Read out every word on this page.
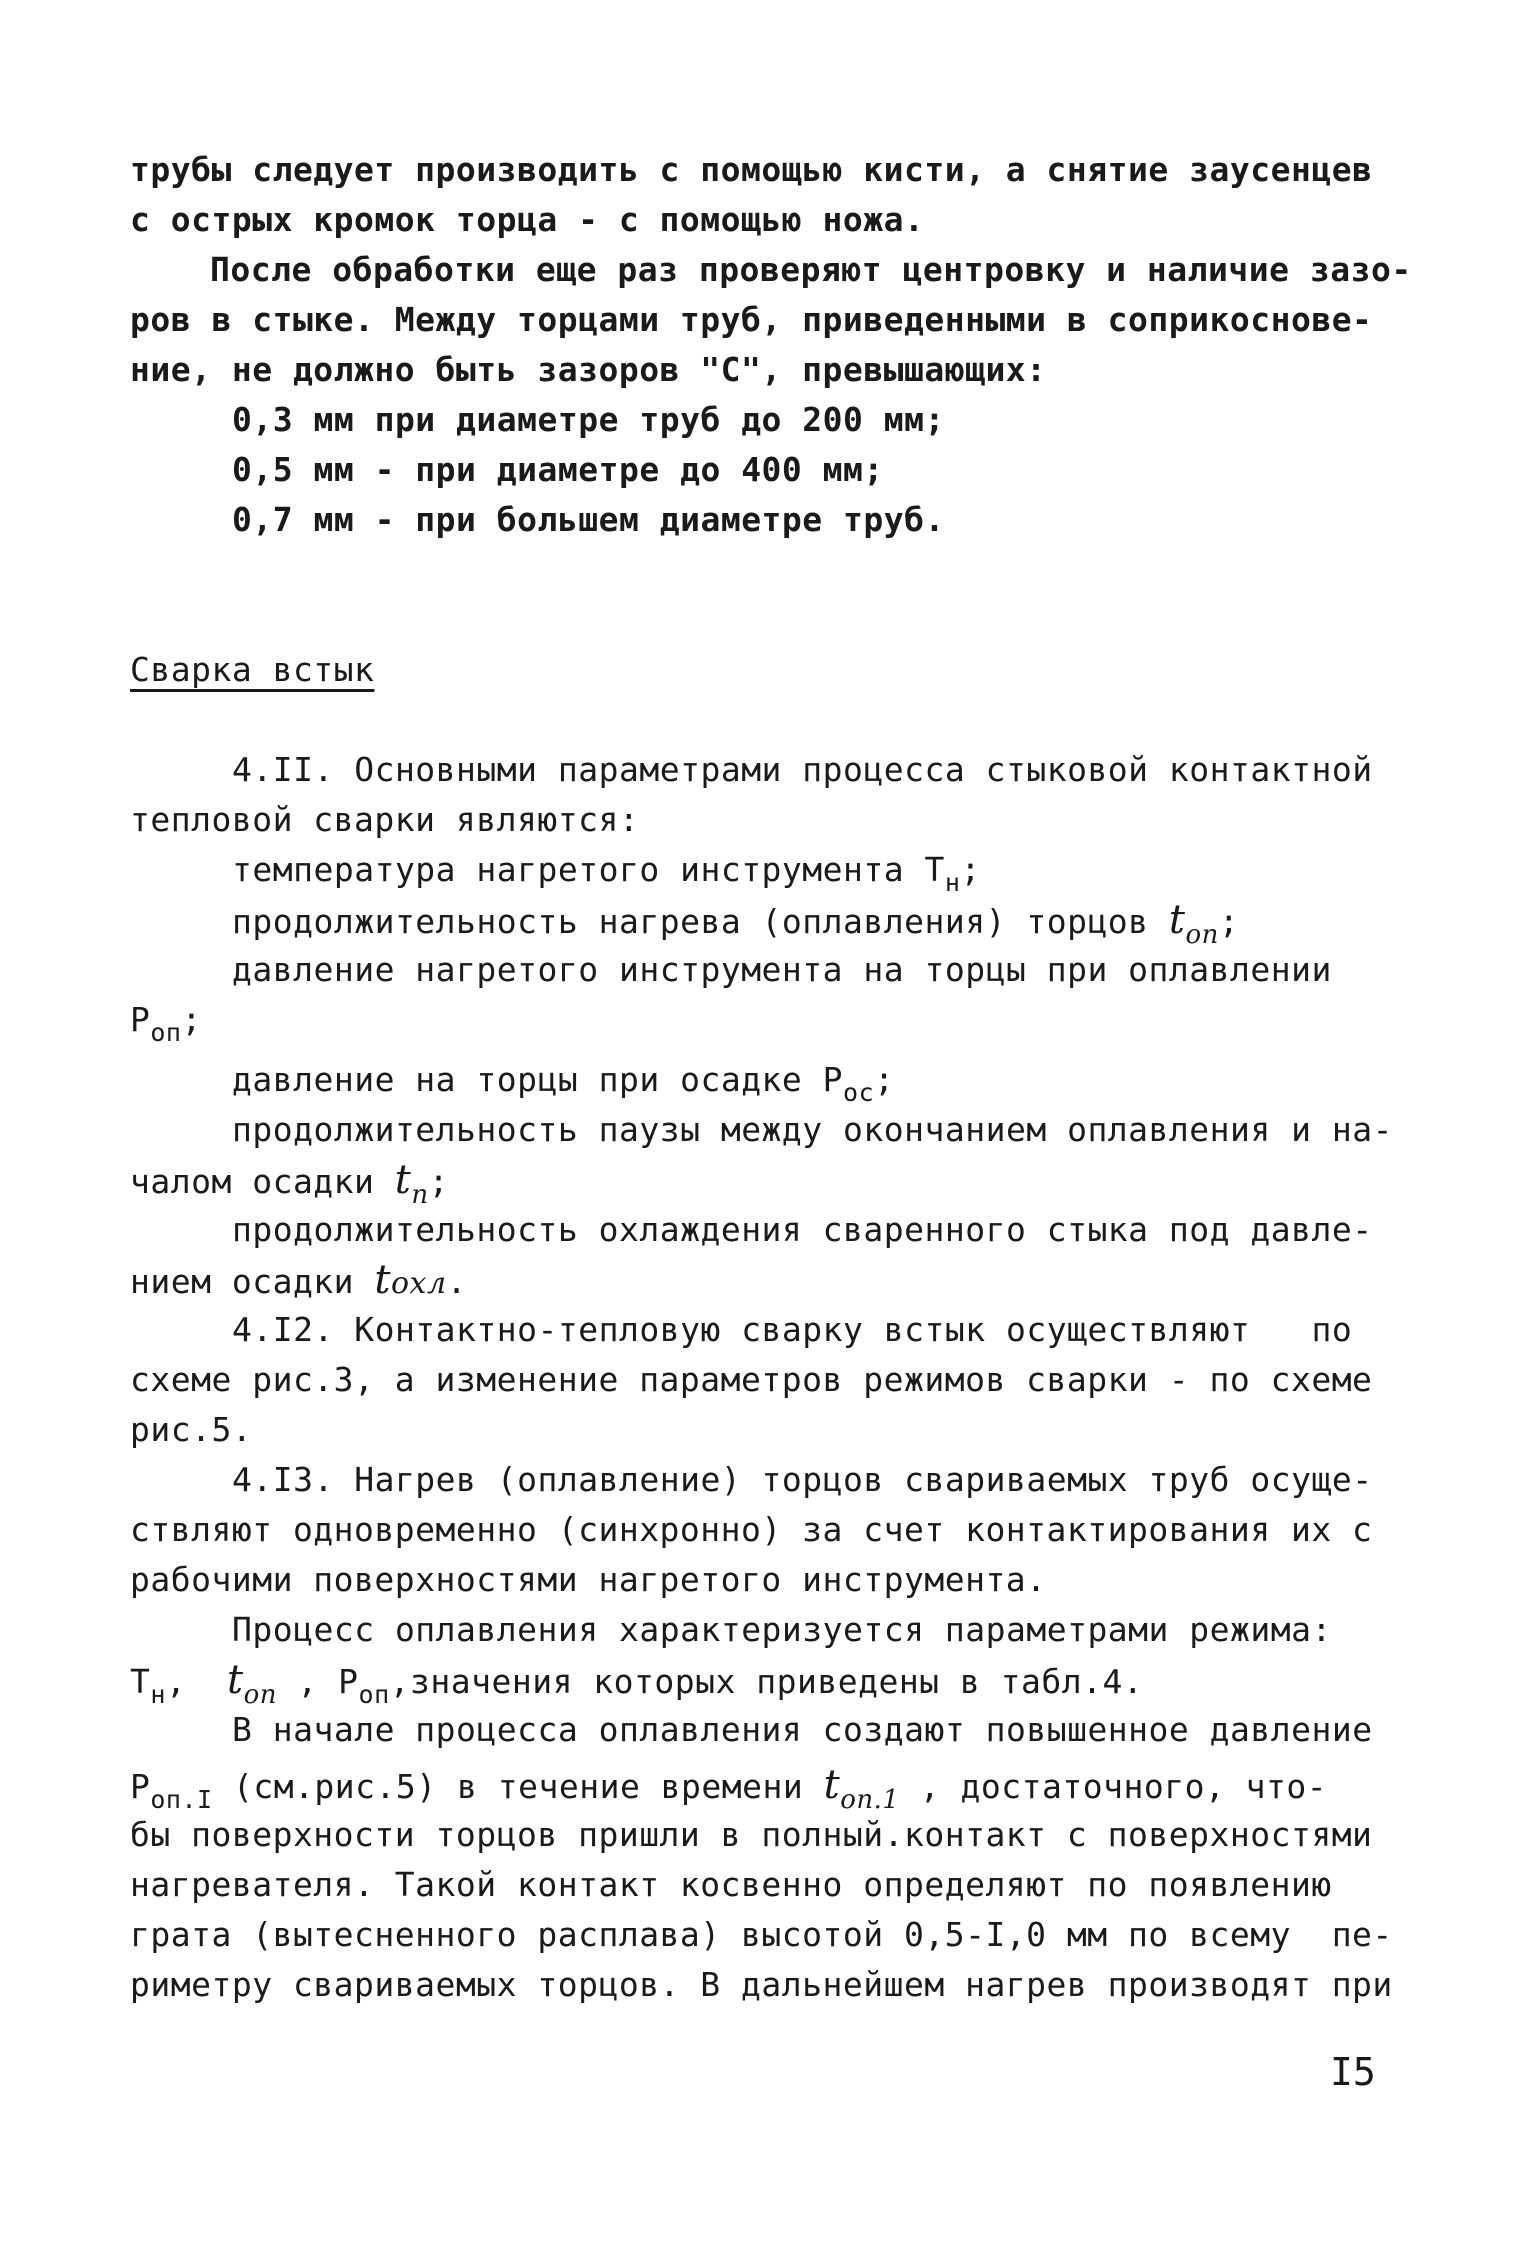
трубы следует производить с помощью кисти, а снятие заусенцев
с острых кромок торца - с помощью ножа.
После обработки еще раз проверяют центровку и наличие зазо-
ров в стыке. Между торцами труб, приведенными в соприкоснове-
ние, не должно быть зазоров "С", превышающих:
0,3 мм при диаметре труб до 200 мм;
0,5 мм - при диаметре до 400 мм;
0,7 мм - при большем диаметре труб.
Сварка встык
4.II. Основными параметрами процесса стыковой контактной
тепловой сварки являются:
температура нагретого инструмента $Т_н$;
продолжительность нагрева (оплавления) торцов $t_{оп}$;
давление нагретого инструмента на торцы при оплавлении
$Р_{оп}$;
давление на торцы при осадке $Р_{ос}$;
продолжительность паузы между окончанием оплавления и на-
чалом осадки $t_п$;
продолжительность охлаждения сваренного стыка под давле-
нием осадки tохл.
4.I2. Контактно-тепловую сварку встык осуществляют   по
схеме рис.3, а изменение параметров режимов сварки - по схеме
рис.5.
4.I3. Нагрев (оплавление) торцов свариваемых труб осуще-
ствляют одновременно (синхронно) за счет контактирования их с
рабочими поверхностями нагретого инструмента.
Процесс оплавления характеризуется параметрами режима:
$Т_н$,  $t_{оп}$ , $Р_{оп},значения$ которых приведены в табл.4.
В начале процесса оплавления создают повышенное давление
$Р_{оп.I}$ (см.рис.5) в течение времени $t_{оп.1}$ , достаточного, что-
бы поверхности торцов пришли в полный.контакт с поверхностями
нагревателя. Такой контакт косвенно определяют по появлению
грата (вытесненного расплава) высотой 0,5-I,0 мм по всему  пе-
риметру свариваемых торцов. В дальнейшем нагрев производят при
I5
